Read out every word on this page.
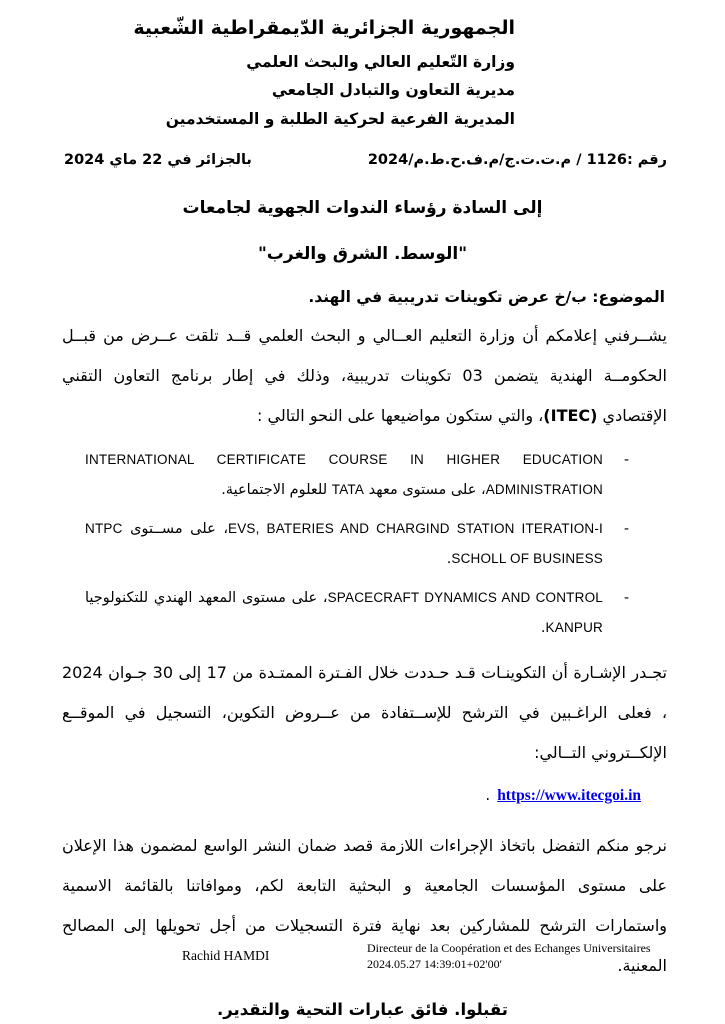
الجمهورية الجزائرية الدّيمقراطية الشّعبية
وزارة التّعليم العالي والبحث العلمي
مديرية التعاون والتبادل الجامعي
المديرية الفرعية لحركية الطلبة و المستخدمين
رقم :1126 / م.ت.ت.ج/م.ف.ح.ط.م/2024
بالجزائر في 22 ماي 2024
إلى السادة رؤساء الندوات الجهوية لجامعات
"الوسط. الشرق والغرب"
الموضوع: ب/خ عرض تكوينات تدريبية في الهند.

يشــرفني إعلامكم أن وزارة التعليم العــالي و البحث العلمي قــد تلقت عــرض من قبــل الحكومــة الهندية يتضمن 03 تكوينات تدريبية، وذلك في إطار برنامج التعاون التقني الإقتصادي (ITEC)، والتي ستكون مواضيعها على النحو التالي :

-
INTERNATIONAL CERTIFICATE COURSE IN HIGHER EDUCATION ADMINISTRATION، على مستوى معهد TATA للعلوم الاجتماعية.
-
EVS, BATERIES AND CHARGIND STATION ITERATION-I، على مســتوى NTPC SCHOLL OF BUSINESS.
-
SPACECRAFT DYNAMICS AND CONTROL، على مستوى المعهد الهندي للتكنولوجيا KANPUR.

تجـدر الإشـارة أن التكوينـات قـد حـددت خلال الفـترة الممتـدة من 17 إلى 30 جـوان 2024 ، فعلى الراغـبين في الترشح للإســتفادة من عــروض التكوين، التسجيل في الموقــع الإلكــتروني التــالي:

https://www.itecgoi.in.

نرجو منكم التفضل باتخاذ الإجراءات اللازمة قصد ضمان النشر الواسع لمضمون هذا الإعلان على مستوى المؤسسات الجامعية و البحثية التابعة لكم، وموافاتنا بالقائمة الاسمية واستمارات الترشح للمشاركين بعد نهاية فترة التسجيلات من أجل تحويلها إلى المصالح المعنية.

تقبلوا. فائق عبارات التحية والتقدير.
Rachid HAMDI	Directeur de la Coopération et des Echanges Universitaires
2024.05.27 14:39:01+02'00'
